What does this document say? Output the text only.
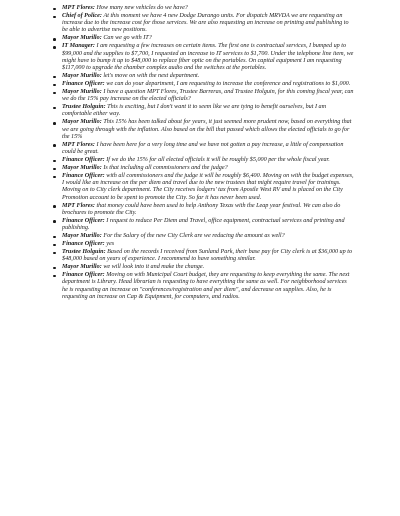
MPT Flores: How many new vehicles do we have?
Chief of Police: At this moment we have 4 new Dodge Durango units. For dispatch MRVDA we are requesting an increase due to the increase cost for those services. We are also requesting an increase on printing and publishing to be able to advertise new positions.
Mayor Murillo: Can we go with IT?
IT Manager: I am requesting a few increases on certain items. The first one is contractual services, I bumped up to $99,000 and the supplies to $7,700, I requested an increase to IT services to $1,700. Under the telephone line item, we might have to bump it up to $48,000 to replace fiber optic on the portables. On capital equipment I am requesting $117,000 to upgrade the chamber complex audio and the switches at the portables.
Mayor Murillo: let's move on with the next department.
Finance Officer: we can do your department, I am requesting to increase the conference and registrations to $1,000.
Mayor Murillo: I have a question MPT Flores, Trustee Barreras, and Trustee Holguin, for this coming fiscal year, can we do the 15% pay increase on the elected officials?
Trustee Holguin: This is exciting, but I don't want it to seem like we are tying to benefit ourselves, but I am comfortable either way.
Mayor Murillo: This 15% has been talked about for years, it just seemed more prudent now, based on everything that we are going through with the inflation. Also based on the bill that passed which allows the elected officials to go for the 15%
MPT Flores: I have been here for a very long time and we have not gotten a pay increase, a little of compensation could be great.
Finance Officer: If we do the 15% for all elected officials it will be roughly $5,000 per the whole fiscal year.
Mayor Murillo: Is that including all commissioners and the judge?
Finance Officer: with all commissioners and the judge it will be roughly $6,400. Moving on with the budget expenses, I would like an increase on the per diem and travel due to the new trustees that might require travel for trainings. Moving on to City clerk department. The City receives lodgers' tax from Apostle West RV and is placed on the City Promotion account to be spent to promote the City. So far it has never been used.
MPT Flores: that money could have been used to help Anthony Texas with the Leap year festival. We can also do brochures to promote the City.
Finance Officer: I request to reduce Per Diem and Travel, office equipment, contractual services and printing and publishing.
Mayor Murillo: For the Salary of the new City Clerk are we reducing the amount as well?
Finance Officer: yes
Trustee Holguin: Based on the records I received from Sunland Park, their base pay for City clerk is at $36,000 up to $48,000 based on years of experience. I recommend to have something similar.
Mayor Murillo: we will look into it and make the change.
Finance Officer: Moving on with Municipal Court budget, they are requesting to keep everything the same. The next department is Library. Head librarian is requesting to have everything the same as well. For neighborhood services he is requesting an increase on "conferences/registration and per diem", and decrease on supplies. Also, he is requesting an increase on Cap & Equipment, for computers, and radios.
